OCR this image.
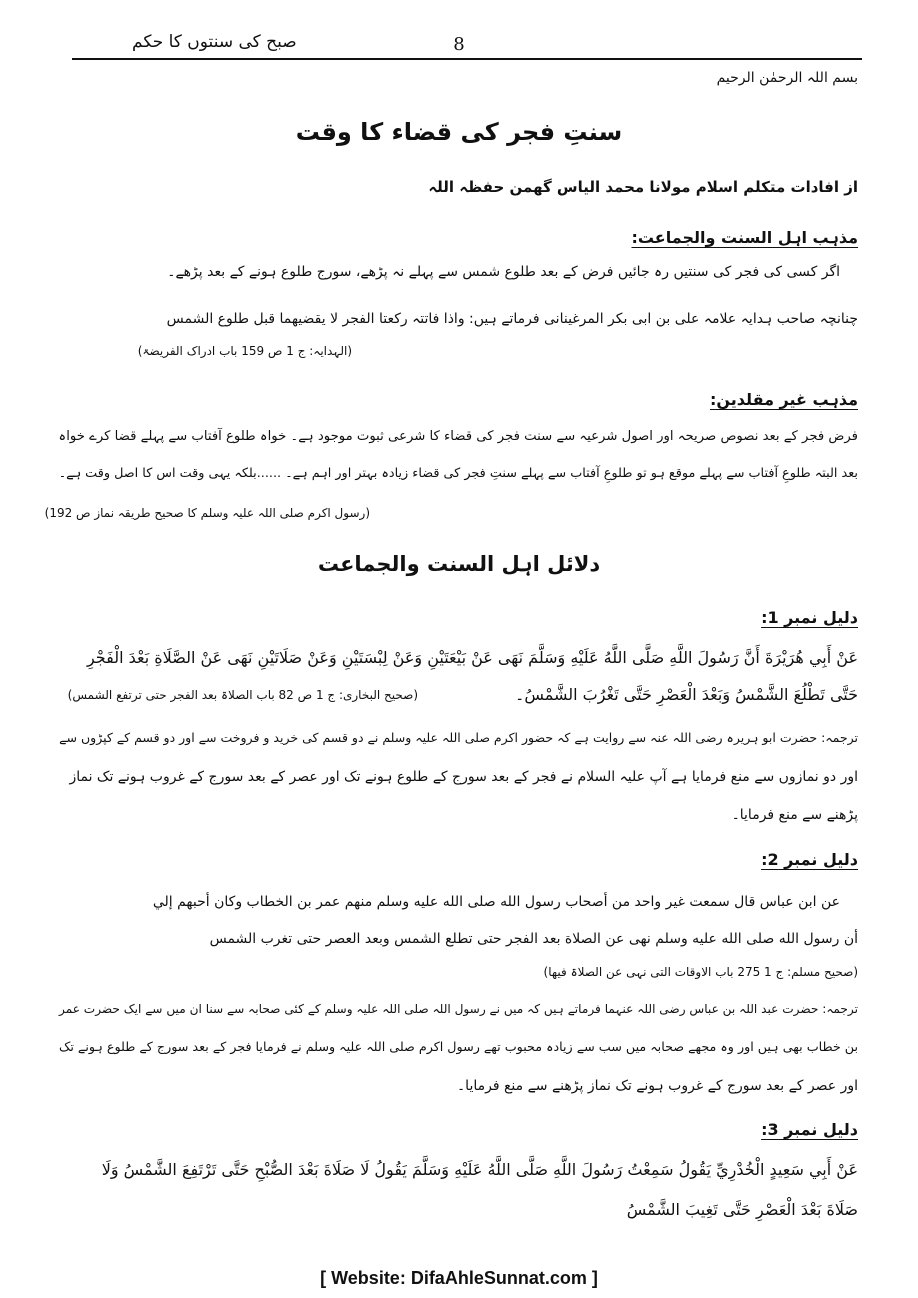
صبح کی سنتوں کا حکم	8
بسم اللہ الرحمٰن الرحیم
سنتِ فجر کی قضاء کا وقت
از افادات متکلم اسلام مولانا محمد الیاس گھمن حفظہ اللہ
مذہب اہل السنت والجماعت:
اگر کسی کی فجر کی سنتیں رہ جائیں فرض کے بعد طلوع شمس سے پہلے نہ پڑھے، سورج طلوع ہونے کے بعد پڑھے۔
چنانچہ صاحب ہدایہ علامہ علی بن ابی بکر المرغینانی فرماتے ہیں: واذا فاتتہ رکعتا الفجر لا یقضیھما قبل طلوع الشمس
(الہدایہ: ج 1 ص 159 باب ادراک الفریضۃ)
مذہب غیر مقلدین:
فرض فجر کے بعد نصوص صریحہ اور اصول شرعیہ سے سنت فجر کی قضاء کا شرعی ثبوت موجود ہے۔ خواہ طلوع آفتاب سے پہلے قضا کرے خواہ
بعد البتہ طلوعِ آفتاب سے پہلے موقع ہو تو طلوعِ آفتاب سے پہلے سنتِ فجر کی قضاء زیادہ بہتر اور اہم ہے۔ ......بلکہ یہی وقت اس کا اصل وقت ہے۔
(رسول اکرم صلی اللہ علیہ وسلم کا صحیح طریقہ نماز ص 192)
دلائل اہل السنت والجماعت
دلیل نمبر 1:
عَنْ أَبِي هُرَيْرَةَ أَنَّ رَسُولَ اللَّهِ صَلَّى اللَّهُ عَلَيْهِ وَسَلَّمَ نَهَى عَنْ بَيْعَتَيْنِ وَعَنْ لِبْسَتَيْنِ وَعَنْ صَلَاتَيْنِ نَهَى عَنْ الصَّلَاةِ بَعْدَ الْفَجْرِ
حَتَّى تَطْلُعَ الشَّمْسُ وَبَعْدَ الْعَصْرِ حَتَّى تَغْرُبَ الشَّمْسُ۔
(صحیح البخاری: ج 1 ص 82 باب الصلاۃ بعد الفجر حتی ترتفع الشمس)
ترجمہ: حضرت ابو ہریرہ رضی اللہ عنہ سے روایت ہے کہ حضور اکرم صلی اللہ علیہ وسلم نے دو قسم کی خرید و فروخت سے اور دو قسم کے کپڑوں سے
اور دو نمازوں سے منع فرمایا ہے آپ علیہ السلام نے فجر کے بعد سورج کے طلوع ہونے تک اور عصر کے بعد سورج کے غروب ہونے تک نماز
پڑھنے سے منع فرمایا۔
دلیل نمبر 2:
عن ابن عباس قال سمعت غير واحد من أصحاب رسول الله صلى الله عليه وسلم منهم عمر بن الخطاب وكان أحبهم إلي
أن رسول الله صلى الله عليه وسلم نهى عن الصلاة بعد الفجر حتى تطلع الشمس وبعد العصر حتى تغرب الشمس
(صحیح مسلم: ج 1 275 باب الاوقات التی نہی عن الصلاۃ فیھا)
ترجمہ: حضرت عبد اللہ بن عباس رضی اللہ عنہما فرماتے ہیں کہ میں نے رسول اللہ صلی اللہ علیہ وسلم کے کئی صحابہ سے سنا ان میں سے ایک حضرت عمر
بن خطاب بھی ہیں اور وہ مجھے صحابہ میں سب سے زیادہ محبوب تھے رسول اکرم صلی اللہ علیہ وسلم نے فرمایا فجر کے بعد سورج کے طلوع ہونے تک
اور عصر کے بعد سورج کے غروب ہونے تک نماز پڑھنے سے منع فرمایا۔
دلیل نمبر 3:
عَنْ أَبِي سَعِيدٍ الْخُدْرِيِّ يَقُولُ سَمِعْتُ رَسُولَ اللَّهِ صَلَّى اللَّهُ عَلَيْهِ وَسَلَّمَ يَقُولُ لَا صَلَاةَ بَعْدَ الصُّبْحِ حَتَّى تَرْتَفِعَ الشَّمْسُ وَلَا
صَلَاةَ بَعْدَ الْعَصْرِ حَتَّى تَغِيبَ الشَّمْسُ
[ Website: DifaAhleSunnat.com ]
